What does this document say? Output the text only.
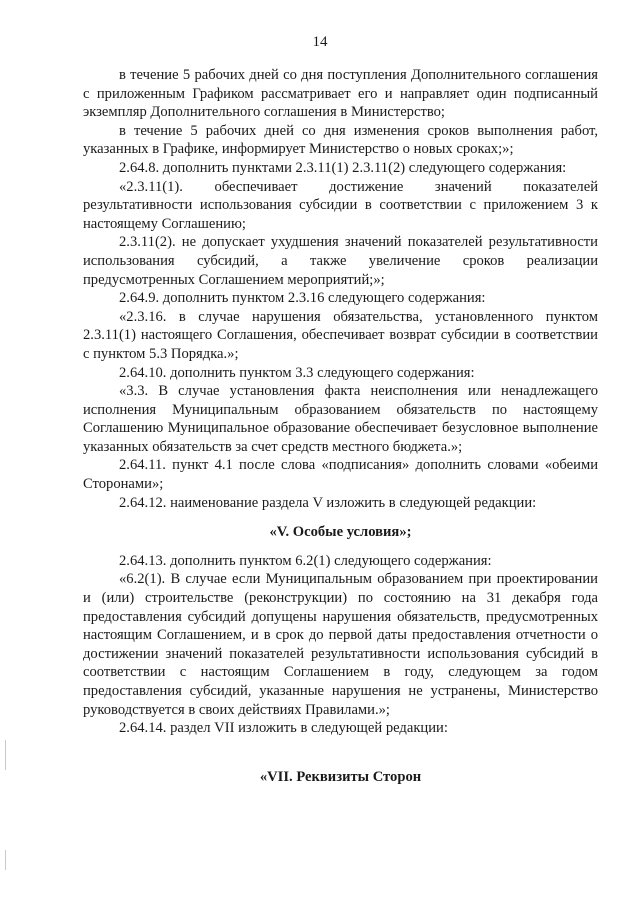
14

в течение 5 рабочих дней со дня поступления Дополнительного соглашения с приложенным Графиком рассматривает его и направляет один подписанный экземпляр Дополнительного соглашения в Министерство;

в течение 5 рабочих дней со дня изменения сроков выполнения работ, указанных в Графике, информирует Министерство о новых сроках;»;

2.64.8. дополнить пунктами 2.3.11(1) 2.3.11(2) следующего содержания:

«2.3.11(1). обеспечивает достижение значений показателей результативности использования субсидии в соответствии с приложением 3 к настоящему Соглашению;

2.3.11(2). не допускает ухудшения значений показателей результативности использования субсидий, а также увеличение сроков реализации предусмотренных Соглашением мероприятий;»;

2.64.9. дополнить пунктом 2.3.16 следующего содержания:

«2.3.16. в случае нарушения обязательства, установленного пунктом 2.3.11(1) настоящего Соглашения, обеспечивает возврат субсидии в соответствии с пунктом 5.3 Порядка.»;

2.64.10. дополнить пунктом 3.3 следующего содержания:

«3.3. В случае установления факта неисполнения или ненадлежащего исполнения Муниципальным образованием обязательств по настоящему Соглашению Муниципальное образование обеспечивает безусловное выполнение указанных обязательств за счет средств местного бюджета.»;

2.64.11. пункт 4.1 после слова «подписания» дополнить словами «обеими Сторонами»;

2.64.12. наименование раздела V изложить в следующей редакции:

«V. Особые условия»;

2.64.13. дополнить пунктом 6.2(1) следующего содержания:

«6.2(1). В случае если Муниципальным образованием при проектировании и (или) строительстве (реконструкции) по состоянию на 31 декабря года предоставления субсидий допущены нарушения обязательств, предусмотренных настоящим Соглашением, и в срок до первой даты предоставления отчетности о достижении значений показателей результативности использования субсидий в соответствии с настоящим Соглашением в году, следующем за годом предоставления субсидий, указанные нарушения не устранены, Министерство руководствуется в своих действиях Правилами.»;

2.64.14. раздел VII изложить в следующей редакции:

«VII. Реквизиты Сторон
